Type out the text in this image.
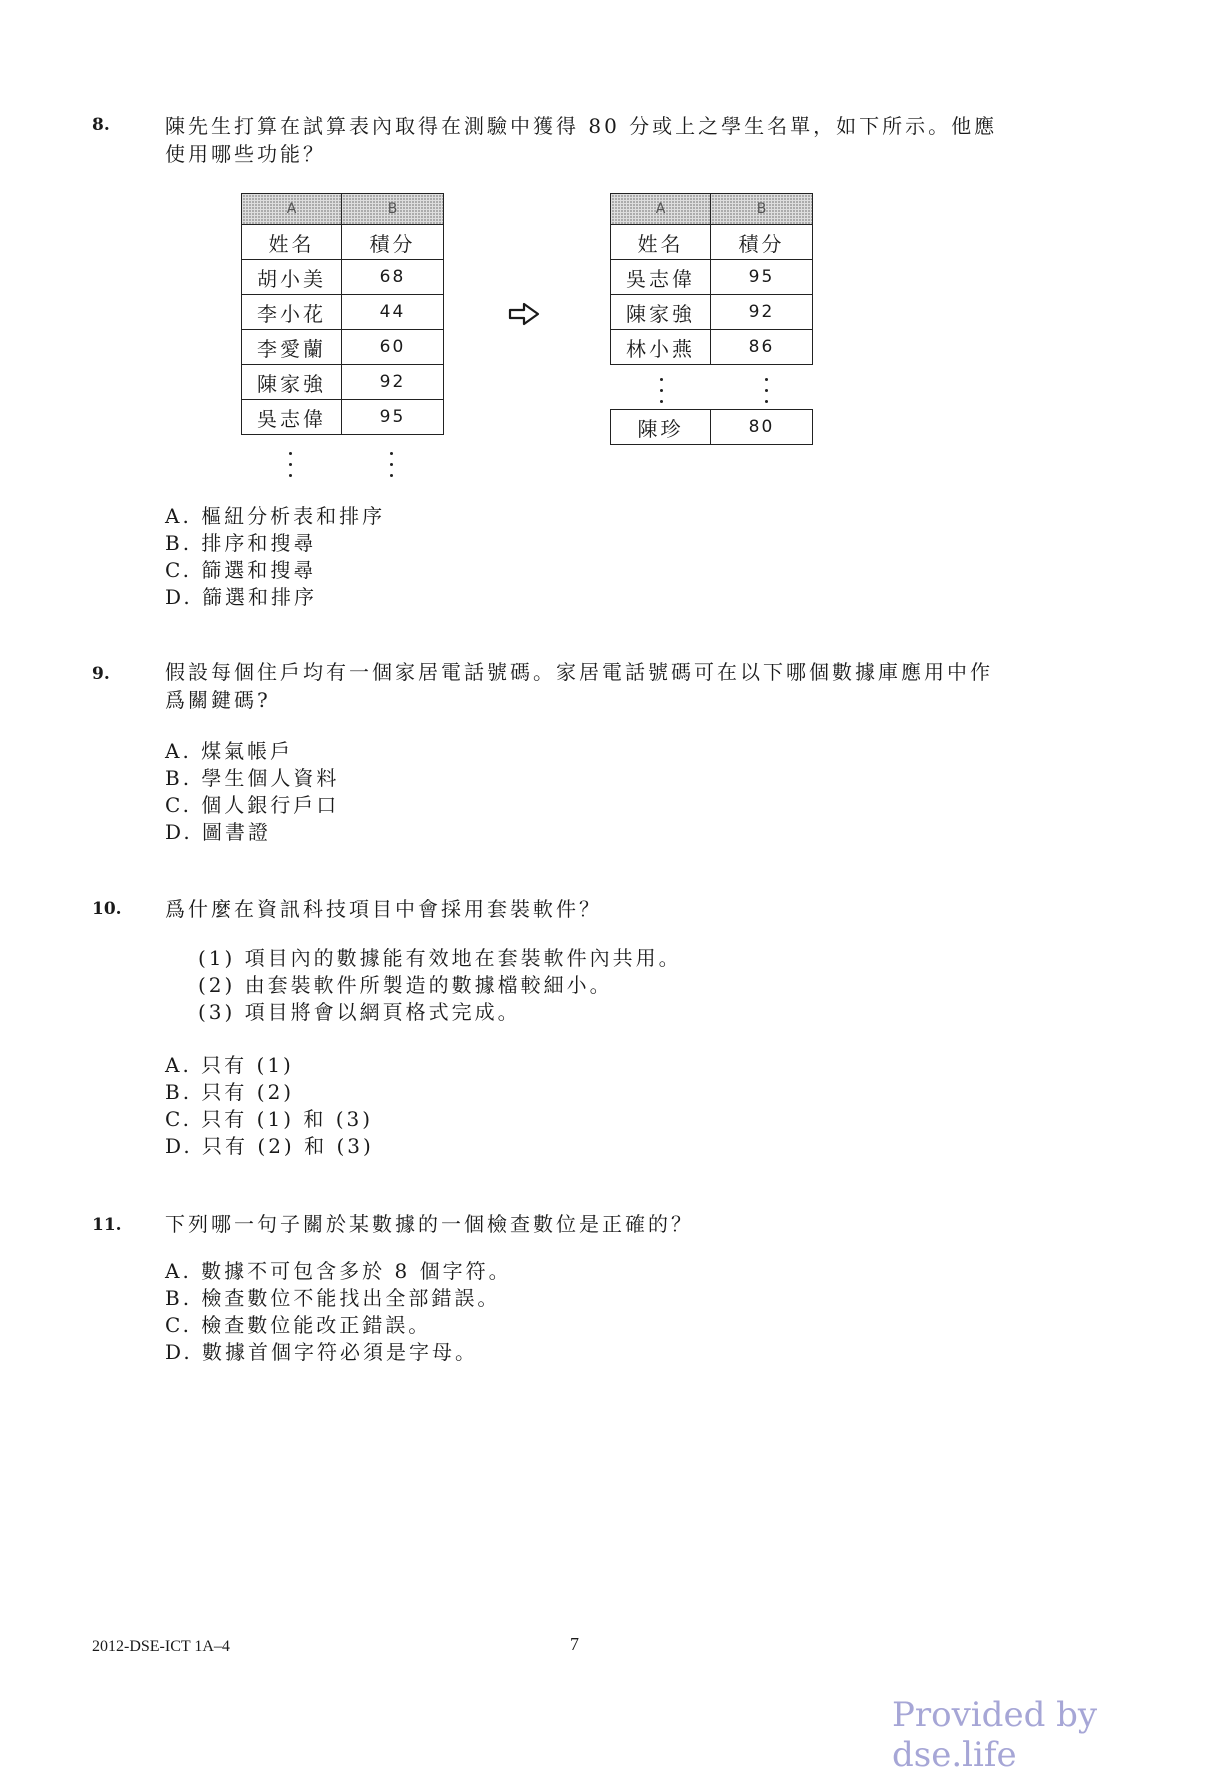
8.	陳先生打算在試算表內取得在測驗中獲得 80 分或上之學生名單，如下所示。他應
使用哪些功能？
A	B
姓名	積分
胡小美	68
李小花	44
李愛蘭	60
陳家強	92
吳志偉	95
A	B
姓名	積分
吳志偉	95
陳家強	92
林小燕	86
陳珍	80
A. 樞紐分析表和排序
B. 排序和搜尋
C. 篩選和搜尋
D. 篩選和排序
9.	假設每個住戶均有一個家居電話號碼。家居電話號碼可在以下哪個數據庫應用中作
爲關鍵碼?
A. 煤氣帳戶
B. 學生個人資料
C. 個人銀行戶口
D. 圖書證
10. 爲什麼在資訊科技項目中會採用套裝軟件？
(1) 項目內的數據能有效地在套裝軟件內共用。
(2) 由套裝軟件所製造的數據檔較細小。
(3) 項目將會以網頁格式完成。
A. 只有 (1)
B. 只有 (2)
C. 只有 (1) 和 (3)
D. 只有 (2) 和 (3)
11. 下列哪一句子關於某數據的一個檢查數位是正確的？
A. 數據不可包含多於 8 個字符。
B. 檢查數位不能找出全部錯誤。
C. 檢查數位能改正錯誤。
D. 數據首個字符必須是字母。
2012-DSE-ICT 1A–4	7
Provided by dse.life
